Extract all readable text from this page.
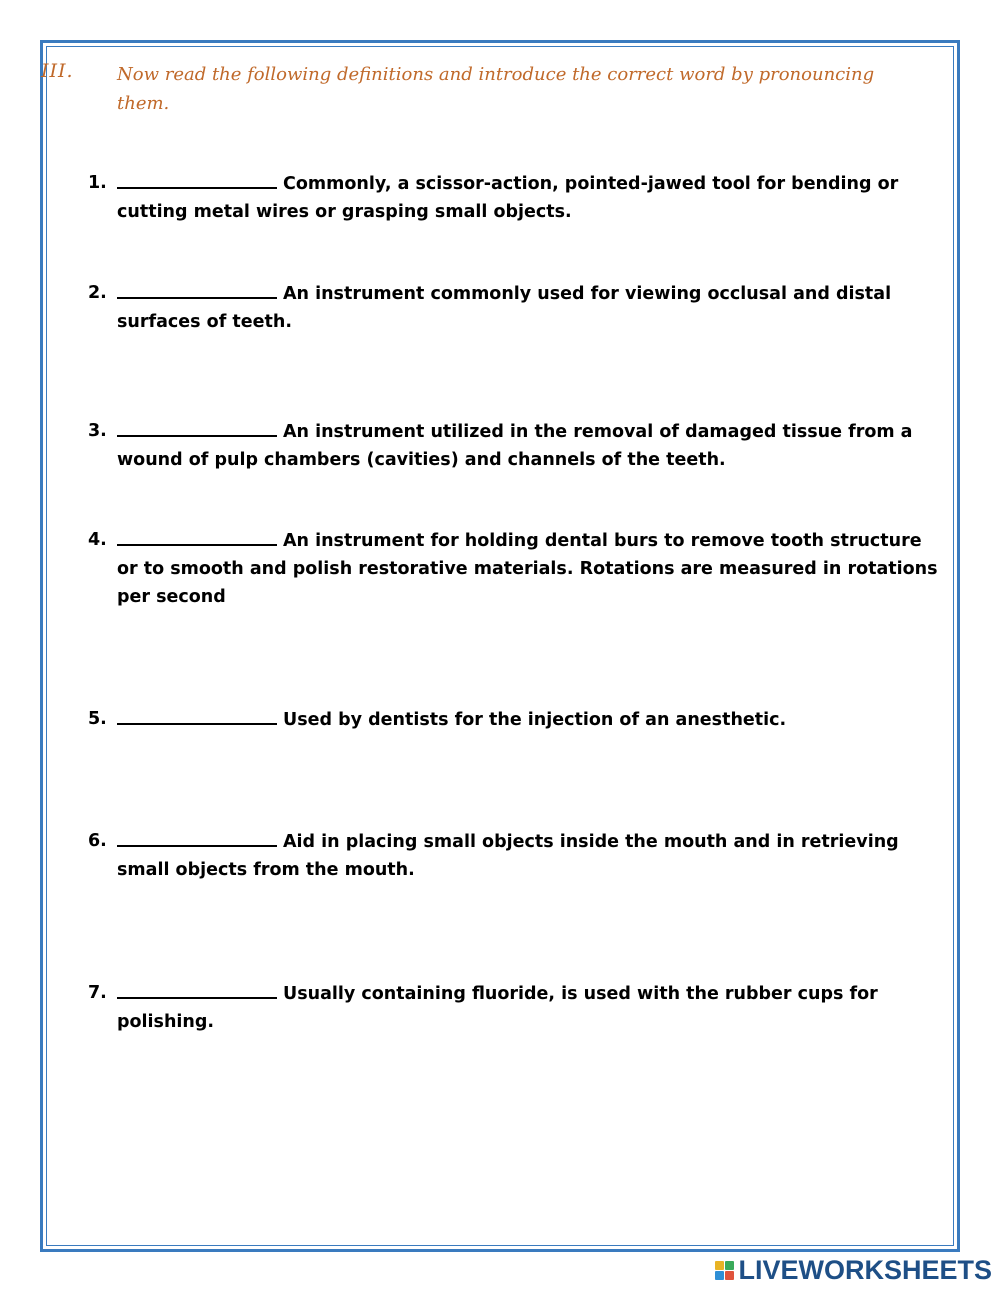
III. Now read the following definitions and introduce the correct word by pronouncing them.
1.	Commonly, a scissor-action, pointed-jawed tool for bending or cutting metal wires or grasping small objects.
2.	An instrument commonly used for viewing occlusal and distal surfaces of teeth.
3.	An instrument utilized in the removal of damaged tissue from a wound of pulp chambers (cavities) and channels of the teeth.
4.	An instrument for holding dental burs to remove tooth structure or to smooth and polish restorative materials. Rotations are measured in rotations per second
5.	Used by dentists for the injection of an anesthetic.
6.	Aid in placing small objects inside the mouth and in retrieving small objects from the mouth.
7.	Usually containing fluoride, is used with the rubber cups for polishing.
LIVEWORKSHEETS
